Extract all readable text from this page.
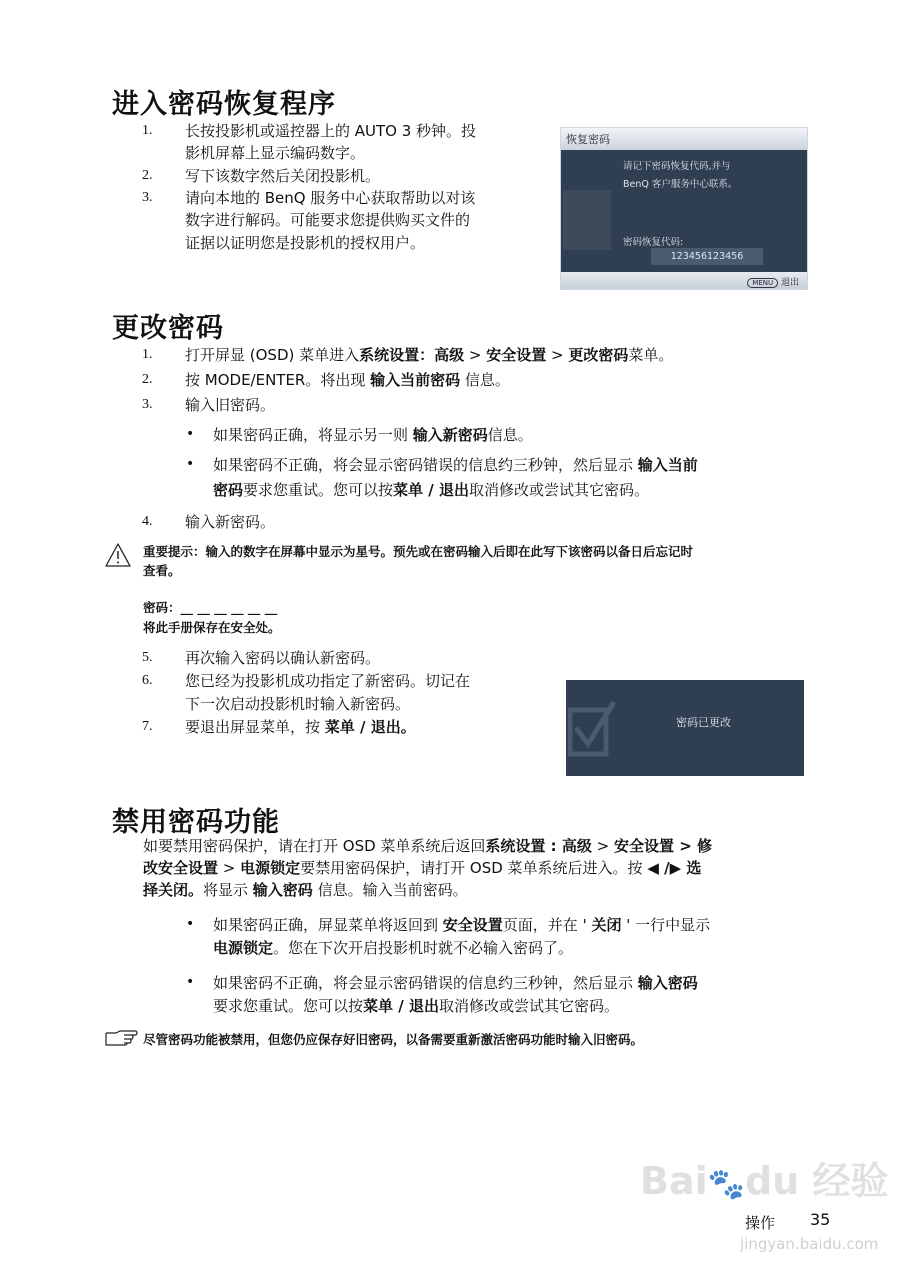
进入密码恢复程序
1. 长按投影机或遥控器上的 AUTO 3 秒钟。投
影机屏幕上显示编码数字。
2. 写下该数字然后关闭投影机。
3. 请向本地的 BenQ 服务中心获取帮助以对该
数字进行解码。可能要求您提供购买文件的
证据以证明您是投影机的授权用户。
恢复密码
请记下密码恢复代码,并与
BenQ 客户服务中心联系。
密码恢复代码:
123456123456
MENU 退出
更改密码
1. 打开屏显 (OSD) 菜单进入系统设置：高级 > 安全设置 > 更改密码菜单。
2. 按 MODE/ENTER。将出现 输入当前密码 信息。
3. 输入旧密码。
• 如果密码正确，将显示另一则 输入新密码信息。
• 如果密码不正确，将会显示密码错误的信息约三秒钟，然后显示 输入当前
密码要求您重试。您可以按菜单 / 退出取消修改或尝试其它密码。
4. 输入新密码。
重要提示：输入的数字在屏幕中显示为星号。预先或在密码输入后即在此写下该密码以备日后忘记时
查看。
密码：__ __ __ __ __ __
将此手册保存在安全处。
5. 再次输入密码以确认新密码。
6. 您已经为投影机成功指定了新密码。切记在
下一次启动投影机时输入新密码。
7. 要退出屏显菜单，按 菜单 / 退出。	密码已更改
禁用密码功能
如要禁用密码保护，请在打开 OSD 菜单系统后返回系统设置 : 高级 > 安全设置 > 修
改安全设置 > 电源锁定要禁用密码保护，请打开 OSD 菜单系统后进入。按 ◀ /▶ 选
择关闭。将显示 输入密码 信息。输入当前密码。
• 如果密码正确，屏显菜单将返回到 安全设置页面，并在 ' 关闭 ' 一行中显示
电源锁定。您在下次开启投影机时就不必输入密码了。
• 如果密码不正确，将会显示密码错误的信息约三秒钟，然后显示 输入密码
要求您重试。您可以按菜单 / 退出取消修改或尝试其它密码。
尽管密码功能被禁用，但您仍应保存好旧密码，以备需要重新激活密码功能时输入旧密码。
Bai🐾du 经验
jingyan.baidu.com
操作 35
